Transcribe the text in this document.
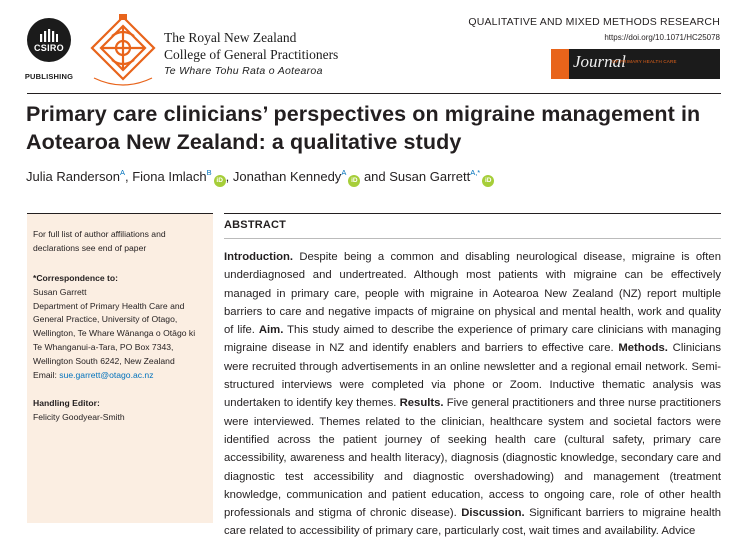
CSIRO
PUBLISHING
The Royal New Zealand
College of General Practitioners
Te Whare Tohu Rata o Aotearoa
QUALITATIVE AND MIXED METHODS RESEARCH
https://doi.org/10.1071/HC25078
Journal
OF PRIMARY HEALTH CARE
Primary care clinicians’ perspectives on migraine management in Aotearoa New Zealand: a qualitative study
Julia Randerson$^A$, Fiona Imlach$^B$iD , Jonathan Kennedy$^A$iD and Susan Garrett$^{A,*}$iD
For full list of author affiliations and declarations see end of paper
*Correspondence to:
Susan Garrett
Department of Primary Health Care and
General Practice, University of Otago,
Wellington, Te Whare Wānanga o Otāgo ki
Te Whanganui-a-Tara, PO Box 7343,
Wellington South 6242, New Zealand
Email: sue.garrett@otago.ac.nz
Handling Editor:
Felicity Goodyear-Smith
ABSTRACT
Introduction. Despite being a common and disabling neurological disease, migraine is often underdiagnosed and undertreated. Although most patients with migraine can be effectively managed in primary care, people with migraine in Aotearoa New Zealand (NZ) report multiple barriers to care and negative impacts of migraine on physical and mental health, work and quality of life. Aim. This study aimed to describe the experience of primary care clinicians with managing migraine disease in NZ and identify enablers and barriers to effective care. Methods. Clinicians were recruited through advertisements in an online newsletter and a regional email network. Semi-structured interviews were completed via phone or Zoom. Inductive thematic analysis was undertaken to identify key themes. Results. Five general practitioners and three nurse practitioners were interviewed. Themes related to the clinician, healthcare system and societal factors were identified across the patient journey of seeking health care (cultural safety, primary care accessibility, awareness and health literacy), diagnosis (diagnostic knowledge, secondary care and diagnostic test accessibility and diagnostic overshadowing) and management (treatment knowledge, communication and patient education, access to ongoing care, role of other health professionals and stigma of chronic disease). Discussion. Significant barriers to migraine health care related to accessibility of primary care, particularly cost, wait times and availability. Advice
